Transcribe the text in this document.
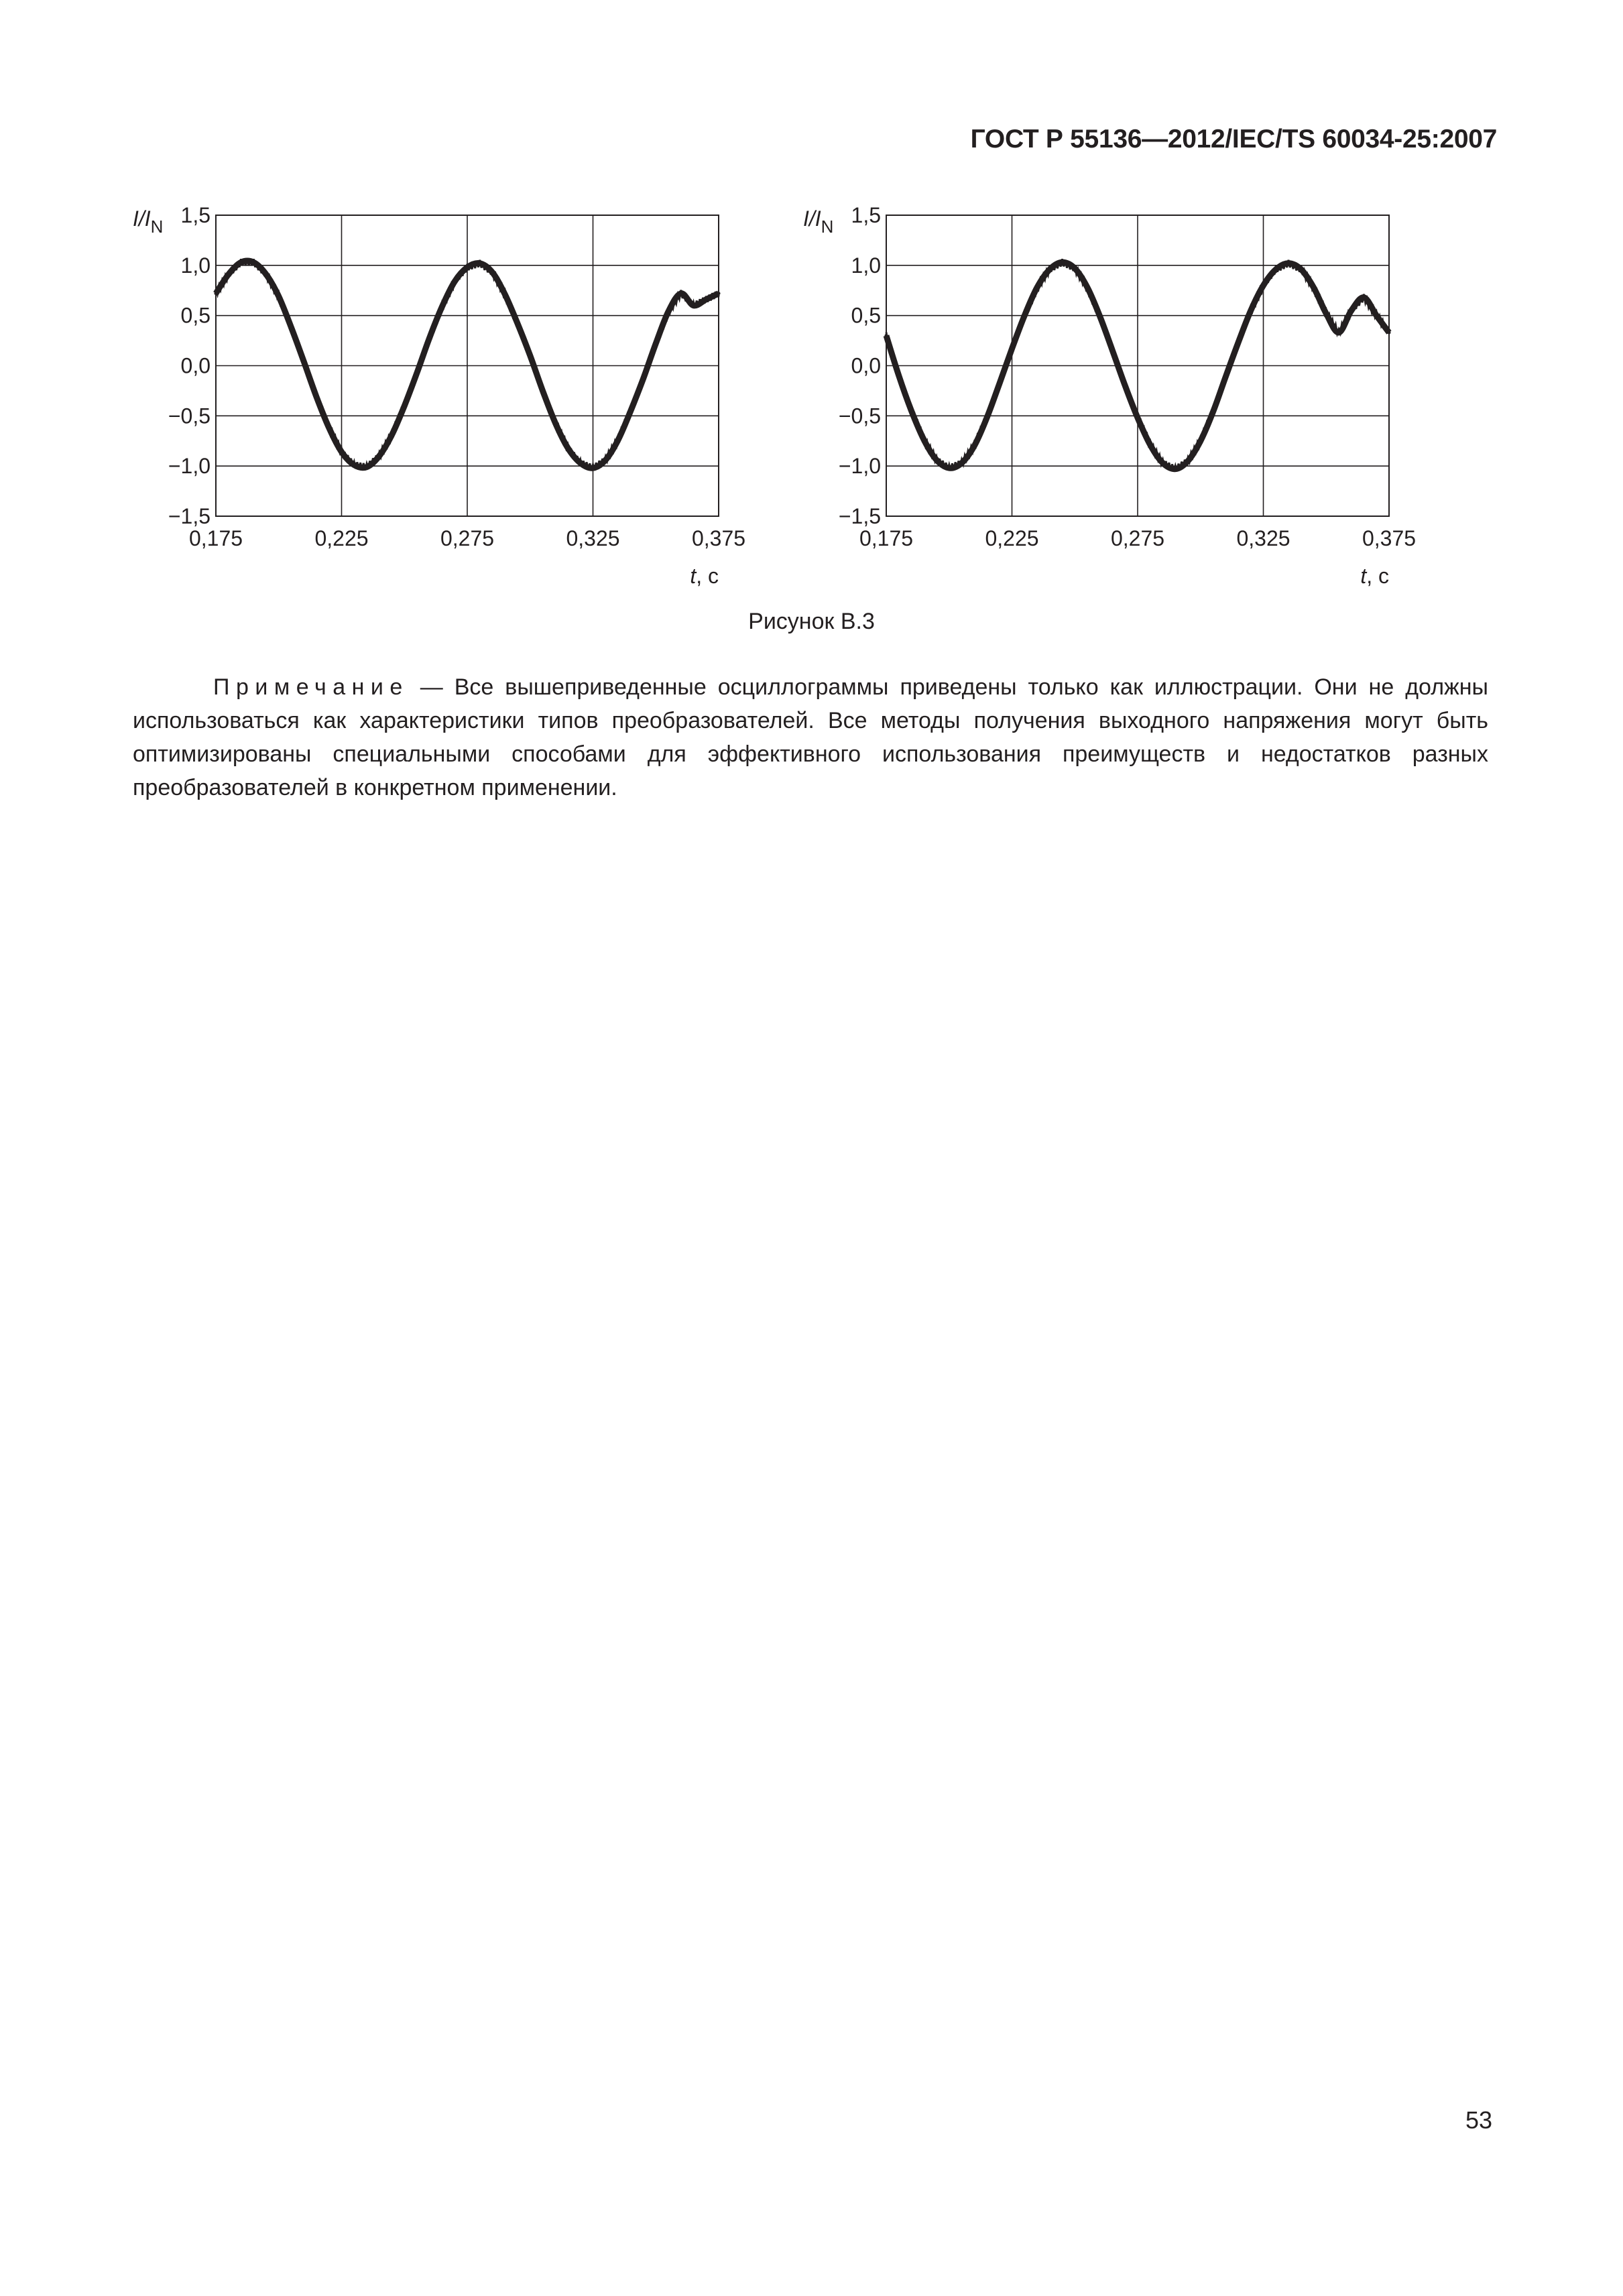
ГОСТ Р 55136—2012/IEC/TS 60034-25:2007
1,5
1,0
0,5
0,0
−0,5
−1,0
−1,5
0,175	0,225	0,275	0,325	0,375
$I/I_N$
t, с
1,5
1,0
0,5
0,0
−0,5
−1,0
−1,5
0,175	0,225	0,275	0,325	0,375
$I/I_N$
t, с
Рисунок В.3

Примечание — Все вышеприведенные осциллограммы приведены только как иллюстрации. Они не должны использоваться как характеристики типов преобразователей. Все методы получения выходного напряжения могут быть оптимизированы специальными способами для эффективного использования преимуществ и недостатков разных преобразователей в конкретном применении.

53
